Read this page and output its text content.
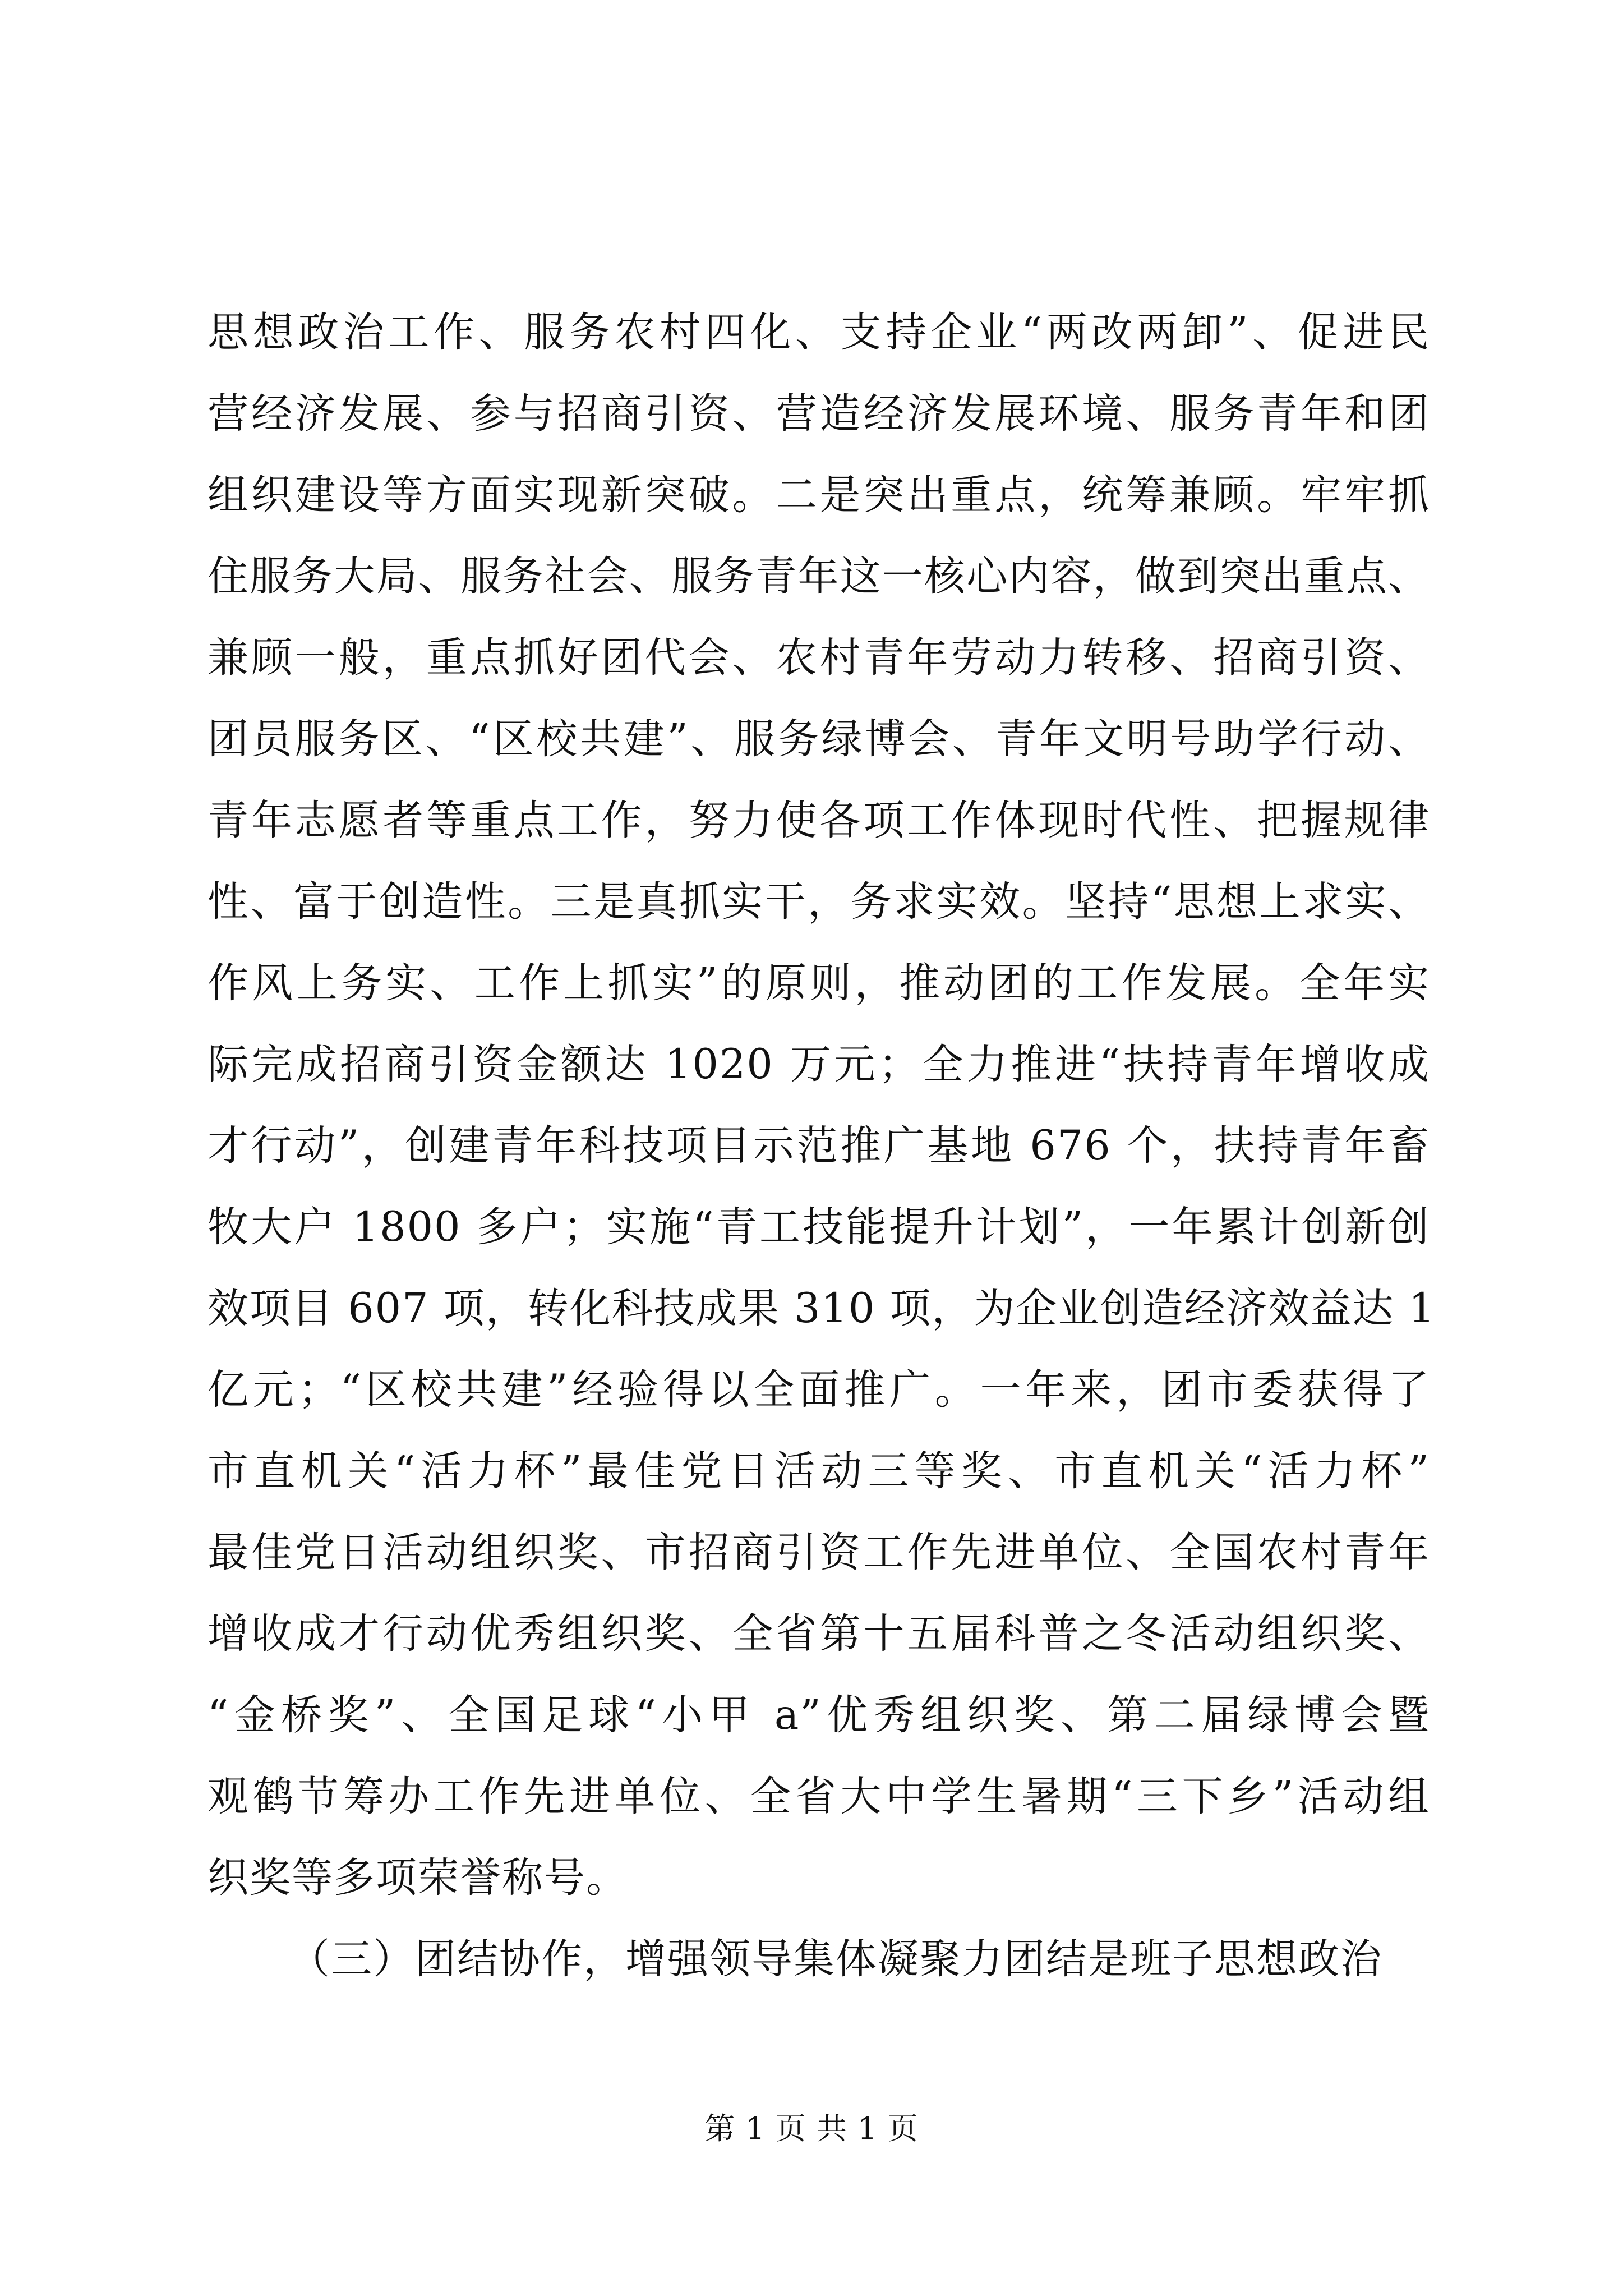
思想政治工作、服务农村四化、支持企业“两改两卸”、促进民
营经济发展、参与招商引资、营造经济发展环境、服务青年和团
组织建设等方面实现新突破。二是突出重点，统筹兼顾。牢牢抓
住服务大局、服务社会、服务青年这一核心内容，做到突出重点、
兼顾一般，重点抓好团代会、农村青年劳动力转移、招商引资、
团员服务区、“区校共建”、服务绿博会、青年文明号助学行动、
青年志愿者等重点工作，努力使各项工作体现时代性、把握规律
性、富于创造性。三是真抓实干，务求实效。坚持“思想上求实、
作风上务实、工作上抓实”的原则，推动团的工作发展。全年实
际完成招商引资金额达 1020 万元；全力推进“扶持青年增收成
才行动”，创建青年科技项目示范推广基地 676 个，扶持青年畜
牧大户 1800 多户；实施“青工技能提升计划”，一年累计创新创
效项目 607 项，转化科技成果 310 项，为企业创造经济效益达 1
亿元；“区校共建”经验得以全面推广。一年来，团市委获得了
市直机关“活力杯”最佳党日活动三等奖、市直机关“活力杯”
最佳党日活动组织奖、市招商引资工作先进单位、全国农村青年
增收成才行动优秀组织奖、全省第十五届科普之冬活动组织奖、
“金桥奖”、全国足球“小甲 a”优秀组织奖、第二届绿博会暨
观鹤节筹办工作先进单位、全省大中学生暑期“三下乡”活动组
织奖等多项荣誉称号。
（三）团结协作，增强领导集体凝聚力团结是班子思想政治
第 1 页 共 1 页
